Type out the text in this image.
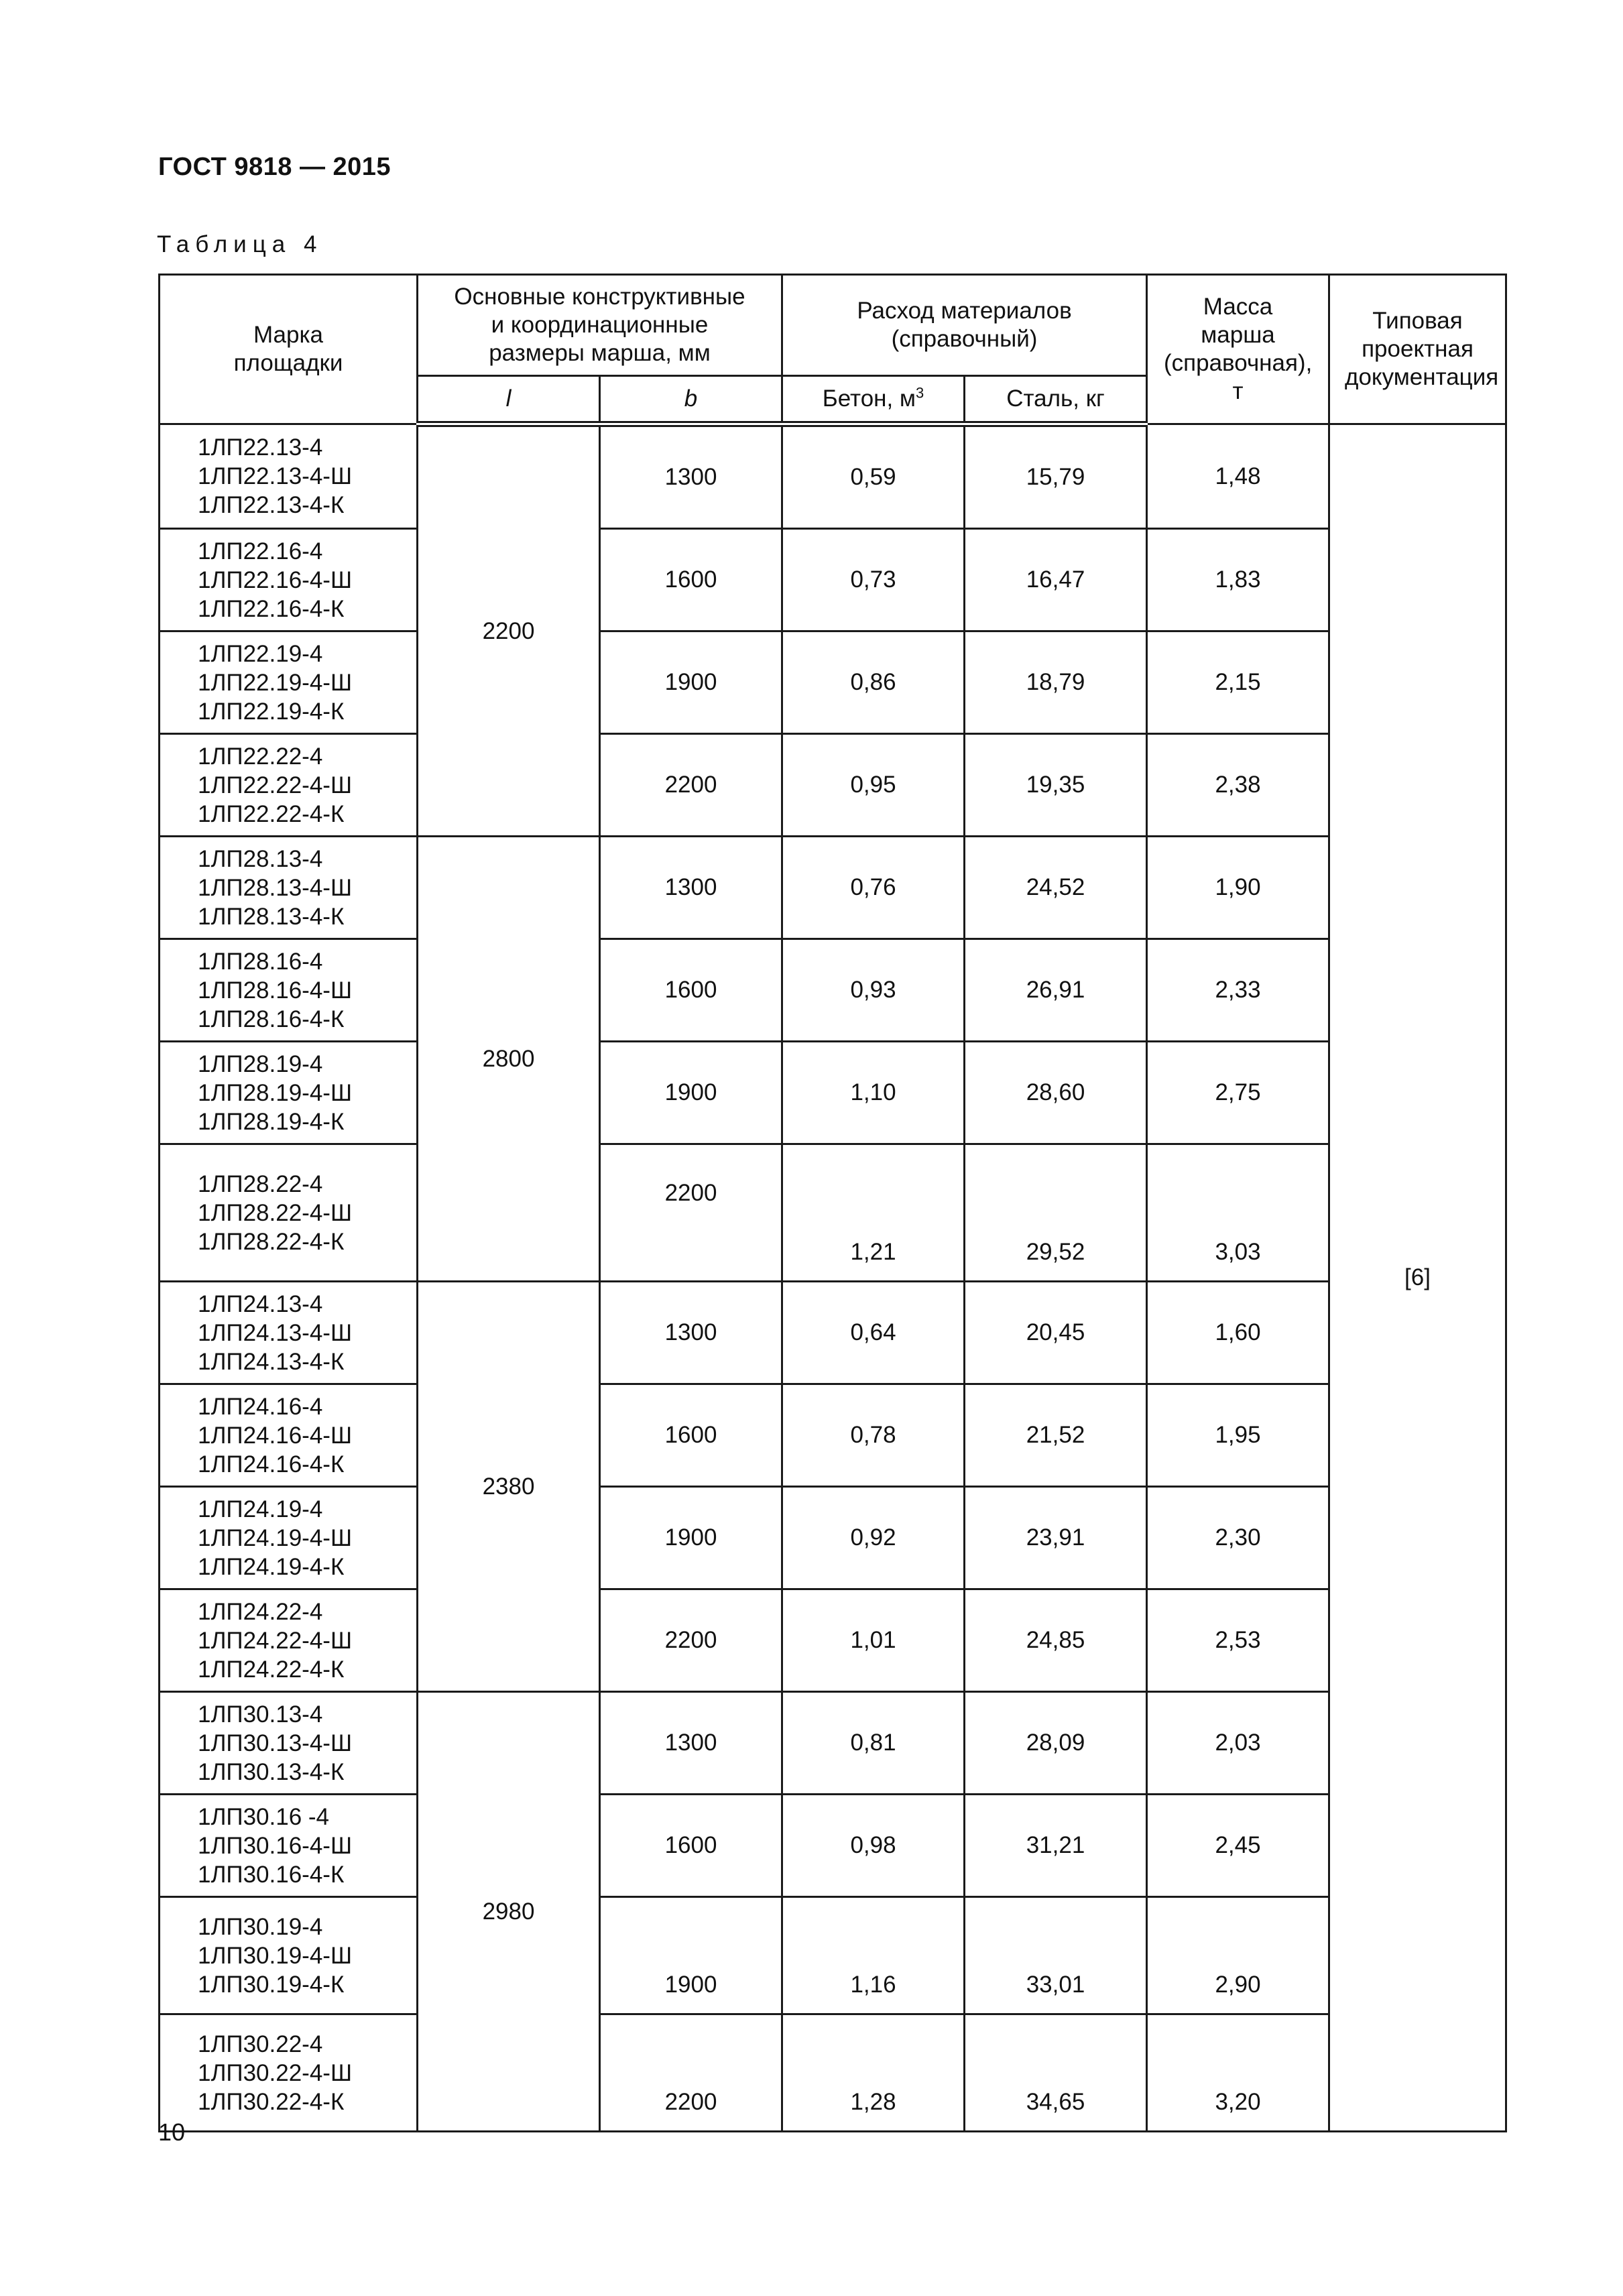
ГОСТ 9818 — 2015
Таблица 4
Марка площадки	Основные конструктивные и координационные размеры марша, мм		Расход материалов (справочный)		Масса марша (справочная), т	Типовая проектная документация
	l	b	Бетон, $м^3$	Сталь, кг		

1ЛП22.13-4
1ЛП22.13-4-Ш
1ЛП22.13-4-К	2200	1300	0,59	15,79	1,48	[6]

1ЛП22.16-4
1ЛП22.16-4-Ш
1ЛП22.16-4-К		1600	0,73	16,47	1,83	

1ЛП22.19-4
1ЛП22.19-4-Ш
1ЛП22.19-4-К		1900	0,86	18,79	2,15	

1ЛП22.22-4
1ЛП22.22-4-Ш
1ЛП22.22-4-К		2200	0,95	19,35	2,38	

1ЛП28.13-4
1ЛП28.13-4-Ш
1ЛП28.13-4-К	2800	1300	0,76	24,52	1,90	

1ЛП28.16-4
1ЛП28.16-4-Ш
1ЛП28.16-4-К		1600	0,93	26,91	2,33	

1ЛП28.19-4
1ЛП28.19-4-Ш
1ЛП28.19-4-К		1900	1,10	28,60	2,75	

1ЛП28.22-4
1ЛП28.22-4-Ш
1ЛП28.22-4-К		2200	1,21	29,52	3,03	

1ЛП24.13-4
1ЛП24.13-4-Ш
1ЛП24.13-4-К	2380	1300	0,64	20,45	1,60	

1ЛП24.16-4
1ЛП24.16-4-Ш
1ЛП24.16-4-К		1600	0,78	21,52	1,95	

1ЛП24.19-4
1ЛП24.19-4-Ш
1ЛП24.19-4-К		1900	0,92	23,91	2,30	

1ЛП24.22-4
1ЛП24.22-4-Ш
1ЛП24.22-4-К		2200	1,01	24,85	2,53	

1ЛП30.13-4
1ЛП30.13-4-Ш
1ЛП30.13-4-К	2980	1300	0,81	28,09	2,03	

1ЛП30.16 -4
1ЛП30.16-4-Ш
1ЛП30.16-4-К		1600	0,98	31,21	2,45	

1ЛП30.19-4
1ЛП30.19-4-Ш
1ЛП30.19-4-К		1900	1,16	33,01	2,90	

1ЛП30.22-4
1ЛП30.22-4-Ш
1ЛП30.22-4-К		2200	1,28	34,65	3,20	
10
